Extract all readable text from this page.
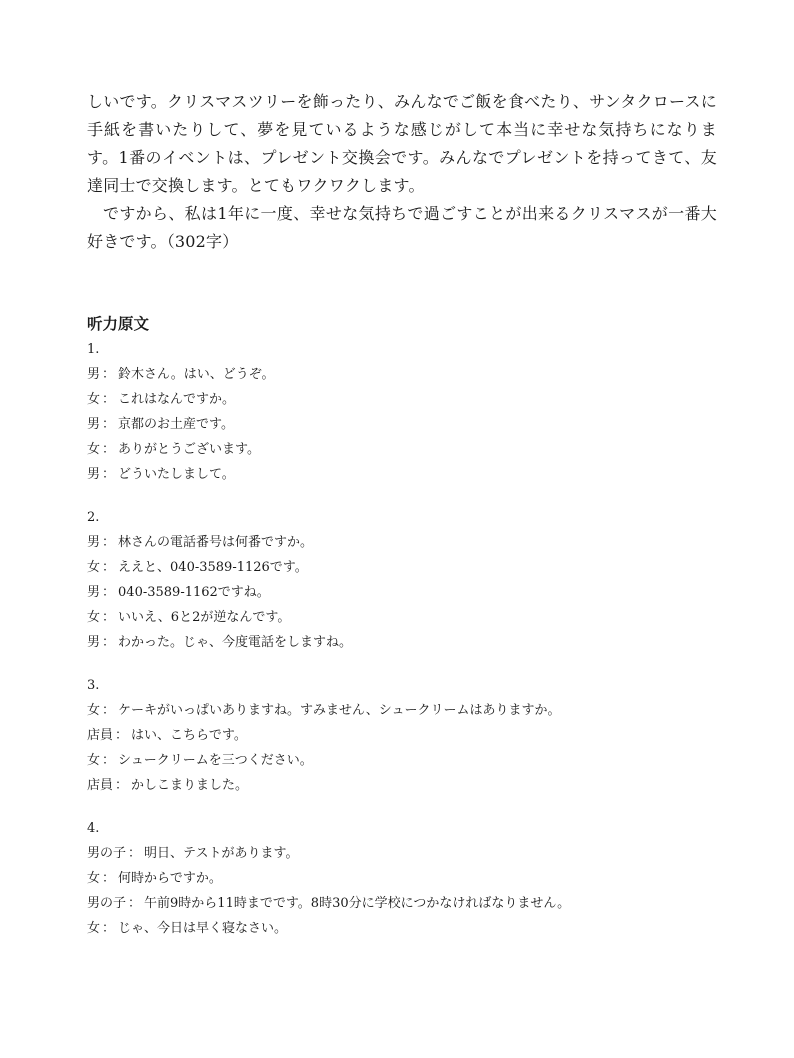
しいです。クリスマスツリーを飾ったり、みんなでご飯を食べたり、サンタクロースに手紙を書いたりして、夢を見ているような感じがして本当に幸せな気持ちになります。1番のイベントは、プレゼント交換会です。みんなでプレゼントを持ってきて、友達同士で交換します。とてもワクワクします。

ですから、私は1年に一度、幸せな気持ちで過ごすことが出来るクリスマスが一番大好きです。（302字）

听力原文
1.
男 ： 鈴木さん。はい、どうぞ。
女 ： これはなんですか。
男 ： 京都のお土産です。
女 ： ありがとうございます。
男 ： どういたしまして。
2.
男 ： 林さんの電話番号は何番ですか。
女 ： ええと、040-3589-1126です。
男 ： 040-3589-1162ですね。
女 ： いいえ、6と2が逆なんです。
男 ： わかった。じゃ、今度電話をしますね。
3.
女 ： ケーキがいっぱいありますね。すみません、シュークリームはありますか。
店員 ： はい、こちらです。
女 ： シュークリームを三つください。
店員 ： かしこまりました。
4.
男の子 ： 明日、テストがあります。
女 ： 何時からですか。
男の子 ： 午前9時から11時までです。8時30分に学校につかなければなりません。
女 ： じゃ、今日は早く寝なさい。
